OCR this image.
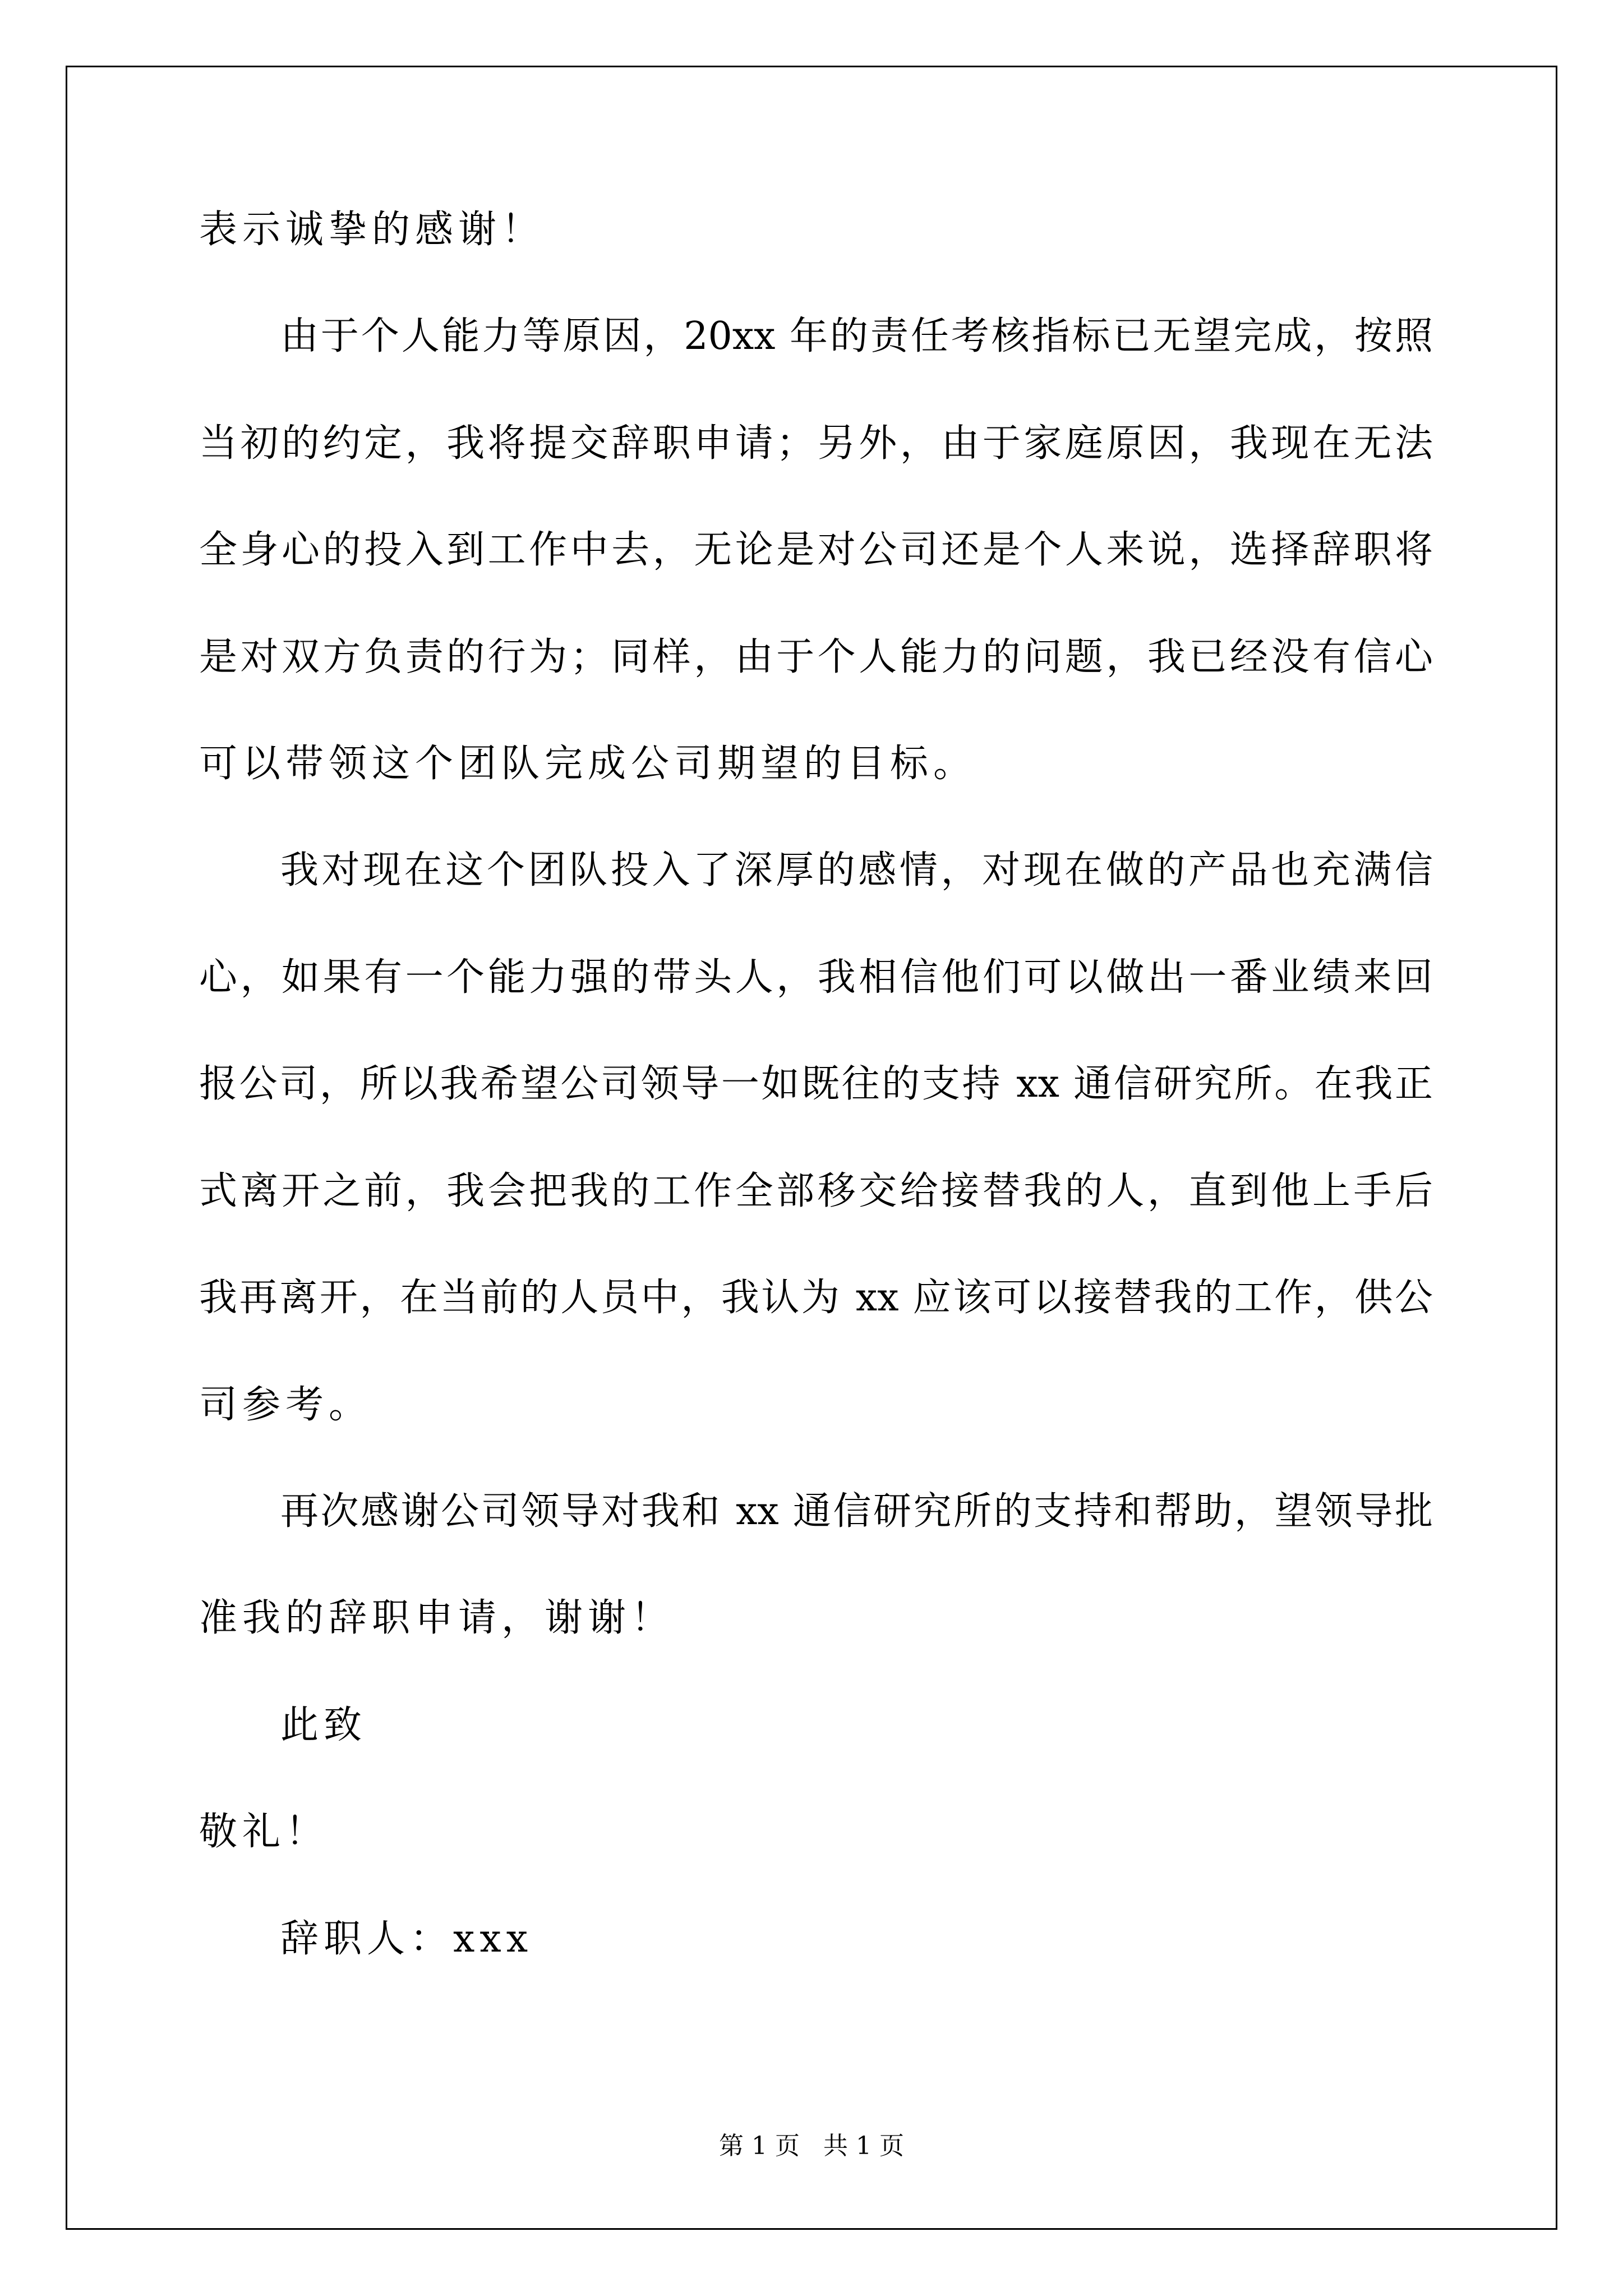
表示诚挚的感谢！
由于个人能力等原因，20xx 年的责任考核指标已无望完成，按照
当初的约定，我将提交辞职申请；另外，由于家庭原因，我现在无法
全身心的投入到工作中去，无论是对公司还是个人来说，选择辞职将
是对双方负责的行为；同样，由于个人能力的问题，我已经没有信心
可以带领这个团队完成公司期望的目标。
我对现在这个团队投入了深厚的感情，对现在做的产品也充满信
心，如果有一个能力强的带头人，我相信他们可以做出一番业绩来回
报公司，所以我希望公司领导一如既往的支持 xx 通信研究所。在我正
式离开之前，我会把我的工作全部移交给接替我的人，直到他上手后
我再离开，在当前的人员中，我认为 xx 应该可以接替我的工作，供公
司参考。
再次感谢公司领导对我和 xx 通信研究所的支持和帮助，望领导批
准我的辞职申请，谢谢！
此致
敬礼！
辞职人：xxx
第 1 页   共 1 页
